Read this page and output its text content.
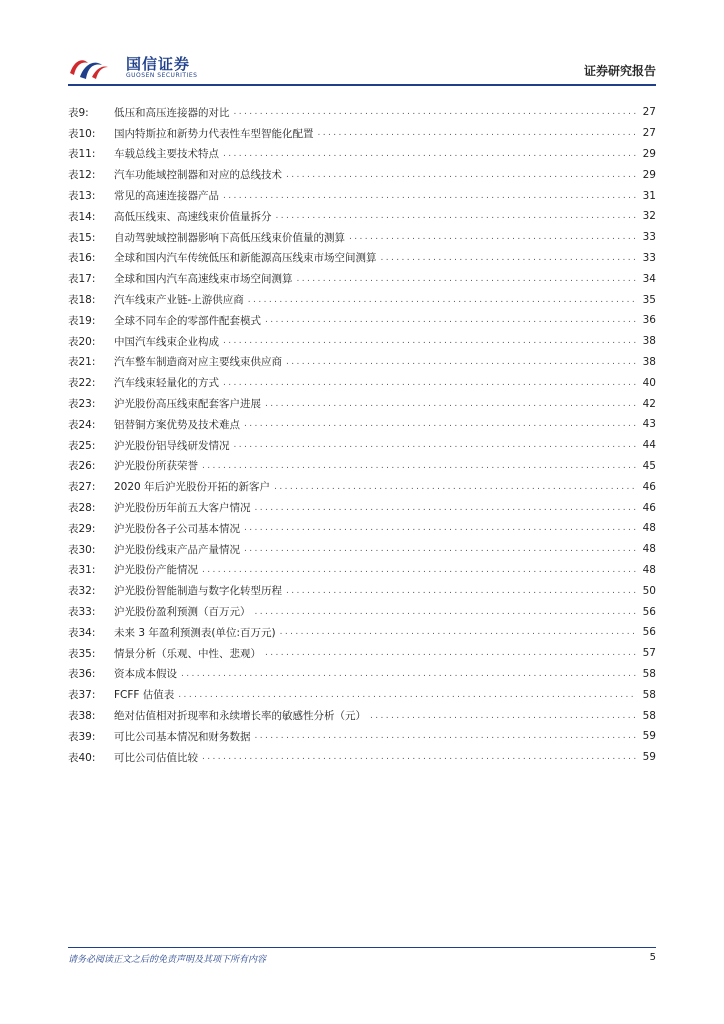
国信证券
GUOSEN SECURITIES	证券研究报告
表9:	低压和高压连接器的对比 .....	27
表10:	国内特斯拉和新势力代表性车型智能化配置 .....	27
表11:	车载总线主要技术特点 .....	29
表12:	汽车功能域控制器和对应的总线技术 .....	29
表13:	常见的高速连接器产品 .....	31
表14:	高低压线束、高速线束价值量拆分 .....	32
表15:	自动驾驶域控制器影响下高低压线束价值量的测算 .....	33
表16:	全球和国内汽车传统低压和新能源高压线束市场空间测算 .....	33
表17:	全球和国内汽车高速线束市场空间测算 .....	34
表18:	汽车线束产业链-上游供应商 .....	35
表19:	全球不同车企的零部件配套模式 .....	36
表20:	中国汽车线束企业构成 .....	38
表21:	汽车整车制造商对应主要线束供应商 .....	38
表22:	汽车线束轻量化的方式 .....	40
表23:	沪光股份高压线束配套客户进展 .....	42
表24:	铝替铜方案优势及技术难点 .....	43
表25:	沪光股份铝导线研发情况 .....	44
表26:	沪光股份所获荣誉 .....	45
表27:	2020 年后沪光股份开拓的新客户 .....	46
表28:	沪光股份历年前五大客户情况 .....	46
表29:	沪光股份各子公司基本情况 .....	48
表30:	沪光股份线束产品产量情况 .....	48
表31:	沪光股份产能情况 .....	48
表32:	沪光股份智能制造与数字化转型历程 .....	50
表33:	沪光股份盈利预测（百万元） .....	56
表34:	未来 3 年盈利预测表(单位:百万元) .....	56
表35:	情景分析（乐观、中性、悲观） .....	57
表36:	资本成本假设 .....	58
表37:	FCFF 估值表 .....	58
表38:	绝对估值相对折现率和永续增长率的敏感性分析（元） .....	58
表39:	可比公司基本情况和财务数据 .....	59
表40:	可比公司估值比较 .....	59
请务必阅读正文之后的免责声明及其项下所有内容	5
